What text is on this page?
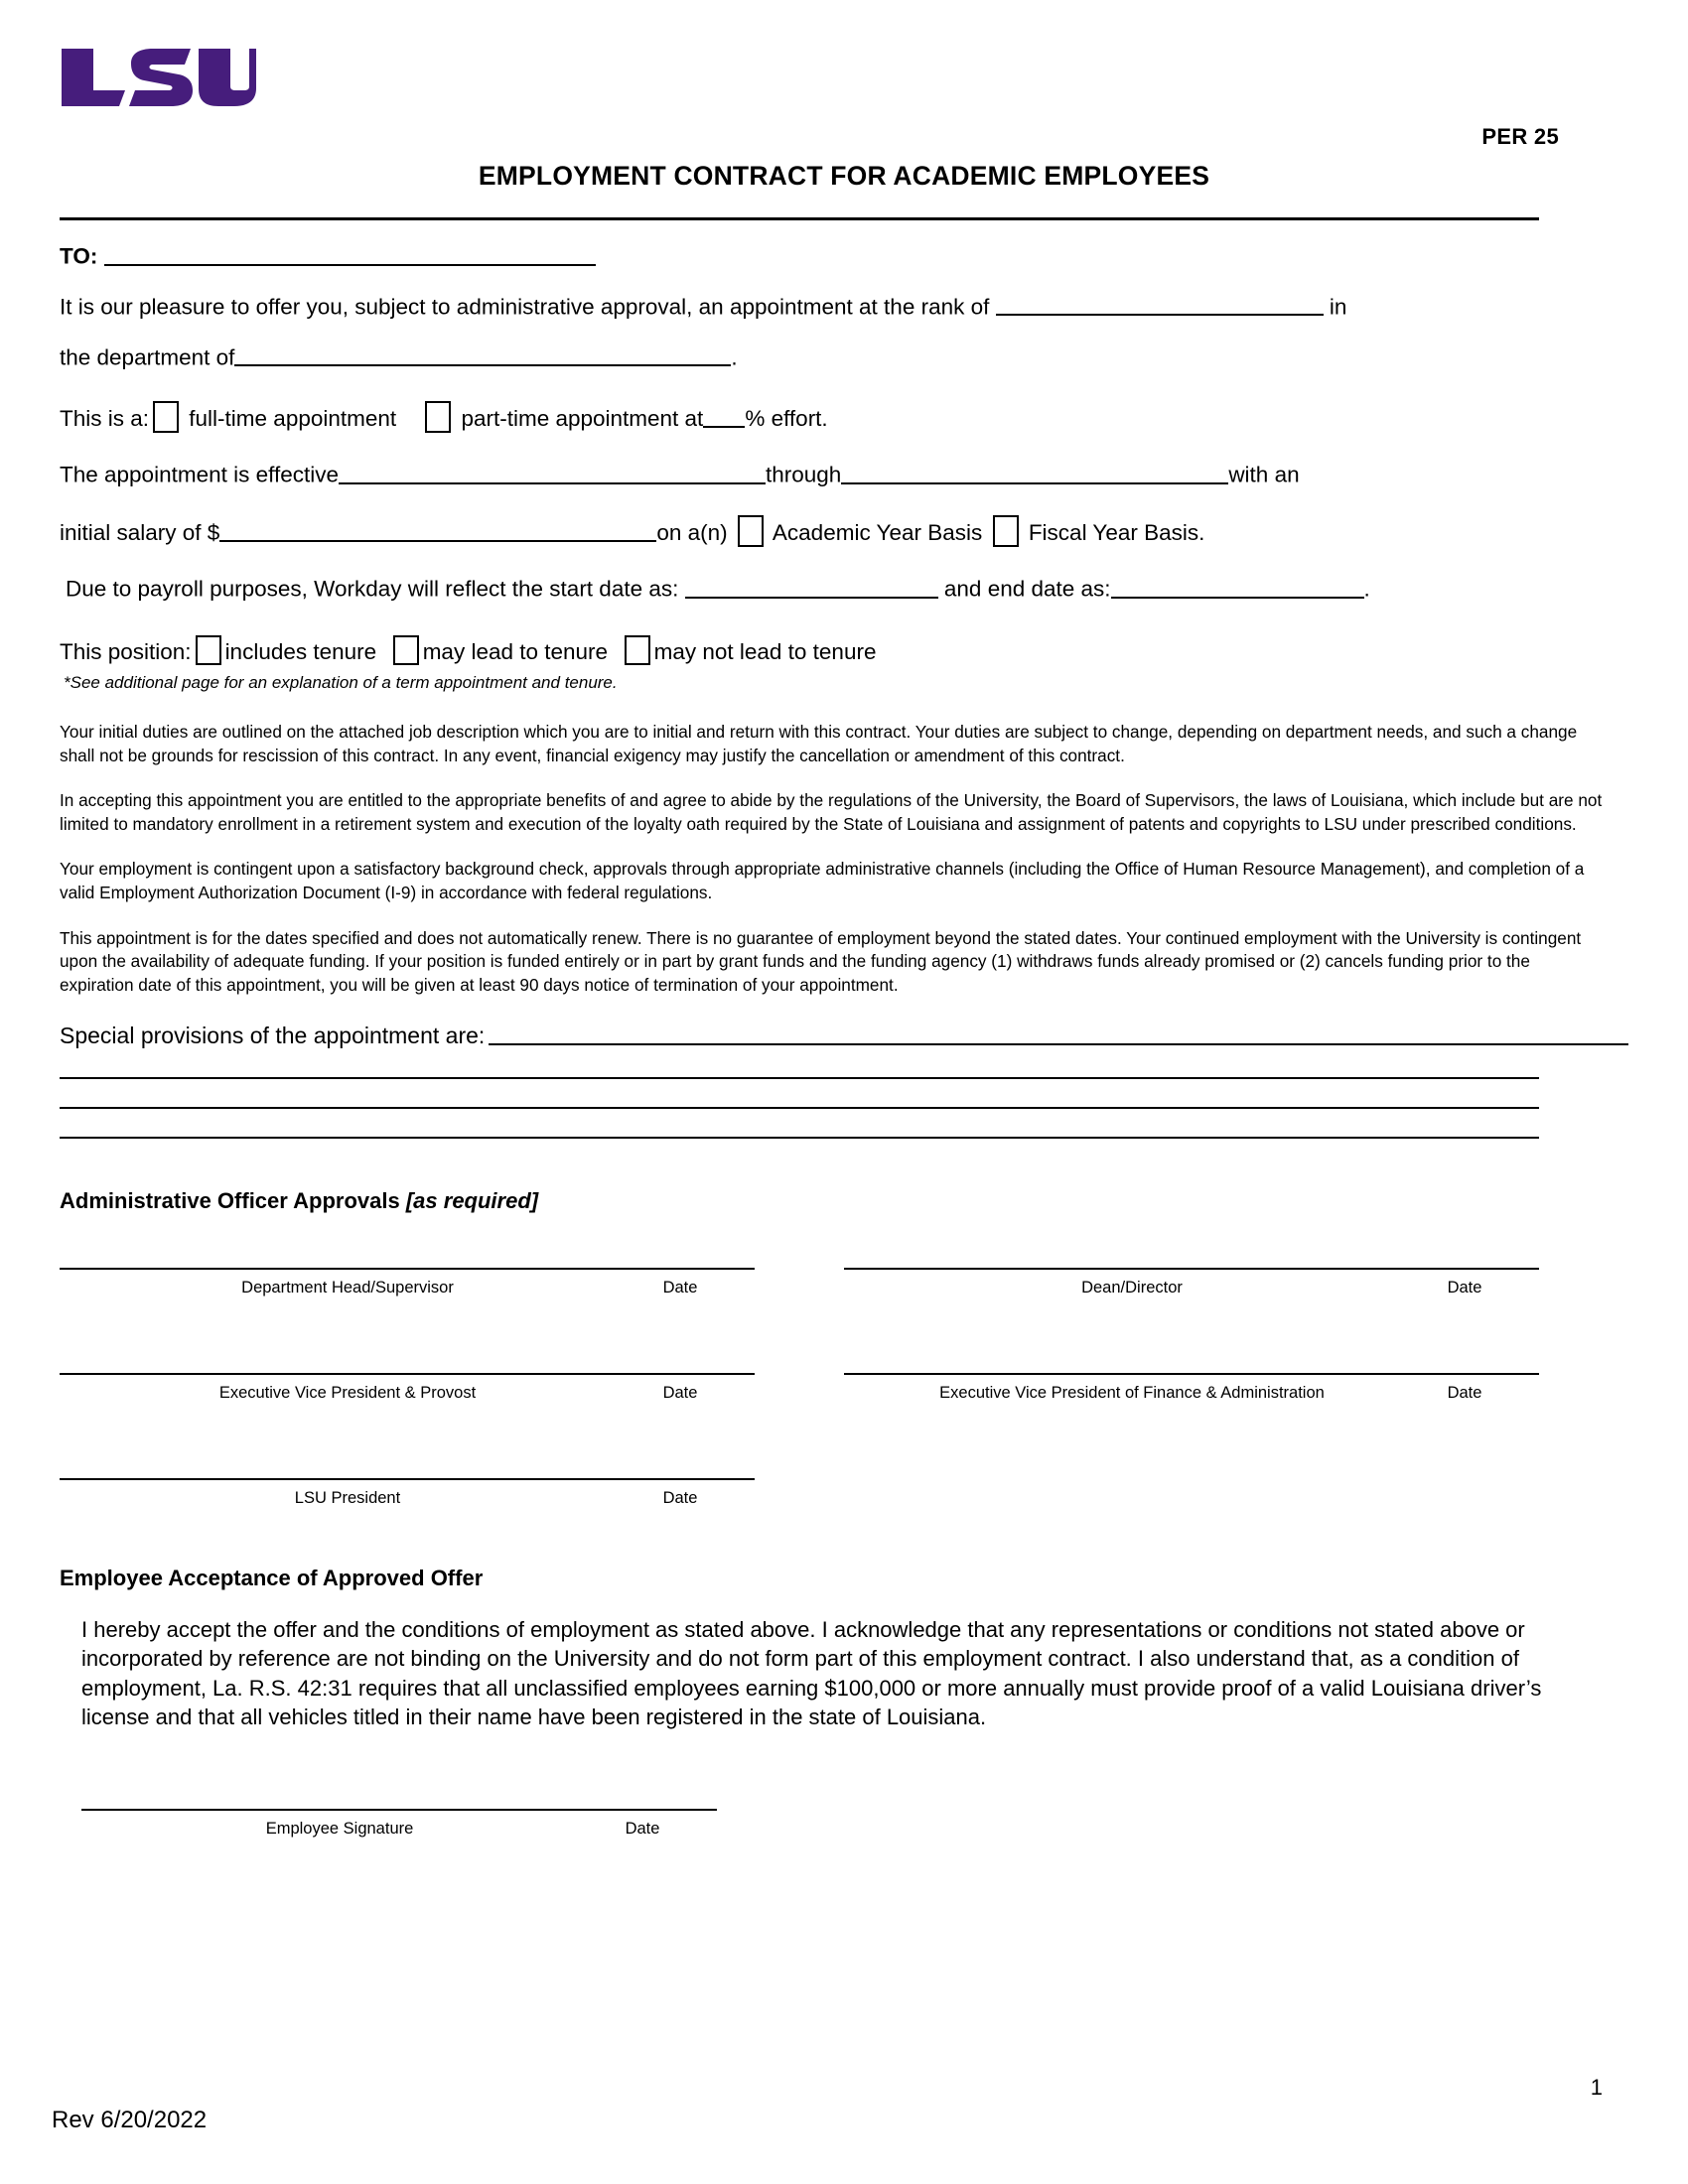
PER 25
EMPLOYMENT CONTRACT FOR ACADEMIC EMPLOYEES
TO:
It is our pleasure to offer you, subject to administrative approval, an appointment at the rank of	in
the department of	.
This is a: full-time appointment	part-time appointment at % effort.
The appointment is effective	through	with an
initial salary of $	on a(n) Academic Year Basis Fiscal Year Basis.
Due to payroll purposes, Workday will reflect the start date as:	and end date as:	.
This position: includes tenure may lead to tenure may not lead to tenure
*See additional page for an explanation of a term appointment and tenure.
Your initial duties are outlined on the attached job description which you are to initial and return with this contract. Your duties are subject to change, depending on department needs, and such a change shall not be grounds for rescission of this contract. In any event, financial exigency may justify the cancellation or amendment of this contract.
In accepting this appointment you are entitled to the appropriate benefits of and agree to abide by the regulations of the University, the Board of Supervisors, the laws of Louisiana, which include but are not limited to mandatory enrollment in a retirement system and execution of the loyalty oath required by the State of Louisiana and assignment of patents and copyrights to LSU under prescribed conditions.
Your employment is contingent upon a satisfactory background check, approvals through appropriate administrative channels (including the Office of Human Resource Management), and completion of a valid Employment Authorization Document (I-9) in accordance with federal regulations.
This appointment is for the dates specified and does not automatically renew. There is no guarantee of employment beyond the stated dates. Your continued employment with the University is contingent upon the availability of adequate funding. If your position is funded entirely or in part by grant funds and the funding agency (1) withdraws funds already promised or (2) cancels funding prior to the expiration date of this appointment, you will be given at least 90 days notice of termination of your appointment.
Special provisions of the appointment are:
Administrative Officer Approvals [as required]
Department Head/Supervisor	Date
Executive Vice President & Provost	Date
LSU President	Date
Dean/Director	Date
Executive Vice President of Finance & Administration	Date
Employee Acceptance of Approved Offer
I hereby accept the offer and the conditions of employment as stated above. I acknowledge that any representations or conditions not stated above or incorporated by reference are not binding on the University and do not form part of this employment contract. I also understand that, as a condition of employment, La. R.S. 42:31 requires that all unclassified employees earning $100,000 or more annually must provide proof of a valid Louisiana driver’s license and that all vehicles titled in their name have been registered in the state of Louisiana.
Employee Signature	Date
Rev 6/20/2022
1
